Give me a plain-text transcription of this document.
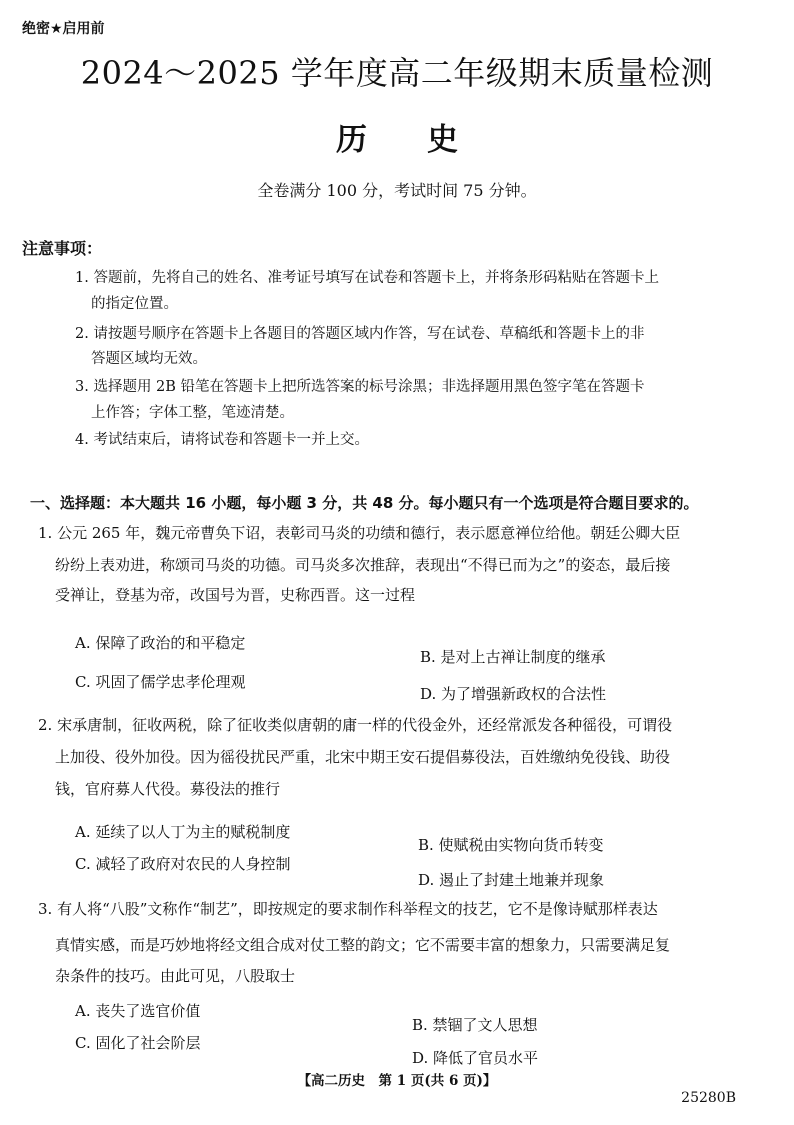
绝密★启用前
2024～2025 学年度高二年级期末质量检测
历史
全卷满分 100 分，考试时间 75 分钟。
注意事项：
1. 答题前，先将自己的姓名、准考证号填写在试卷和答题卡上，并将条形码粘贴在答题卡上
的指定位置。
2. 请按题号顺序在答题卡上各题目的答题区域内作答，写在试卷、草稿纸和答题卡上的非
答题区域均无效。
3. 选择题用 2B 铅笔在答题卡上把所选答案的标号涂黑；非选择题用黑色签字笔在答题卡
上作答；字体工整，笔迹清楚。
4. 考试结束后，请将试卷和答题卡一并上交。
一、选择题：本大题共 16 小题，每小题 3 分，共 48 分。每小题只有一个选项是符合题目要求的。
1. 公元 265 年，魏元帝曹奂下诏，表彰司马炎的功绩和德行，表示愿意禅位给他。朝廷公卿大臣
纷纷上表劝进，称颂司马炎的功德。司马炎多次推辞，表现出“不得已而为之”的姿态，最后接
受禅让，登基为帝，改国号为晋，史称西晋。这一过程
A. 保障了政治的和平稳定
B. 是对上古禅让制度的继承
C. 巩固了儒学忠孝伦理观
D. 为了增强新政权的合法性
2. 宋承唐制，征收两税，除了征收类似唐朝的庸一样的代役金外，还经常派发各种徭役，可谓役
上加役、役外加役。因为徭役扰民严重，北宋中期王安石提倡募役法，百姓缴纳免役钱、助役
钱，官府募人代役。募役法的推行
A. 延续了以人丁为主的赋税制度
B. 使赋税由实物向货币转变
C. 减轻了政府对农民的人身控制
D. 遏止了封建土地兼并现象
3. 有人将“八股”文称作“制艺”，即按规定的要求制作科举程文的技艺，它不是像诗赋那样表达
真情实感，而是巧妙地将经文组合成对仗工整的韵文；它不需要丰富的想象力，只需要满足复
杂条件的技巧。由此可见，八股取士
A. 丧失了选官价值
B. 禁锢了文人思想
C. 固化了社会阶层
D. 降低了官员水平
【高二历史　第 1 页(共 6 页)】
25280B
